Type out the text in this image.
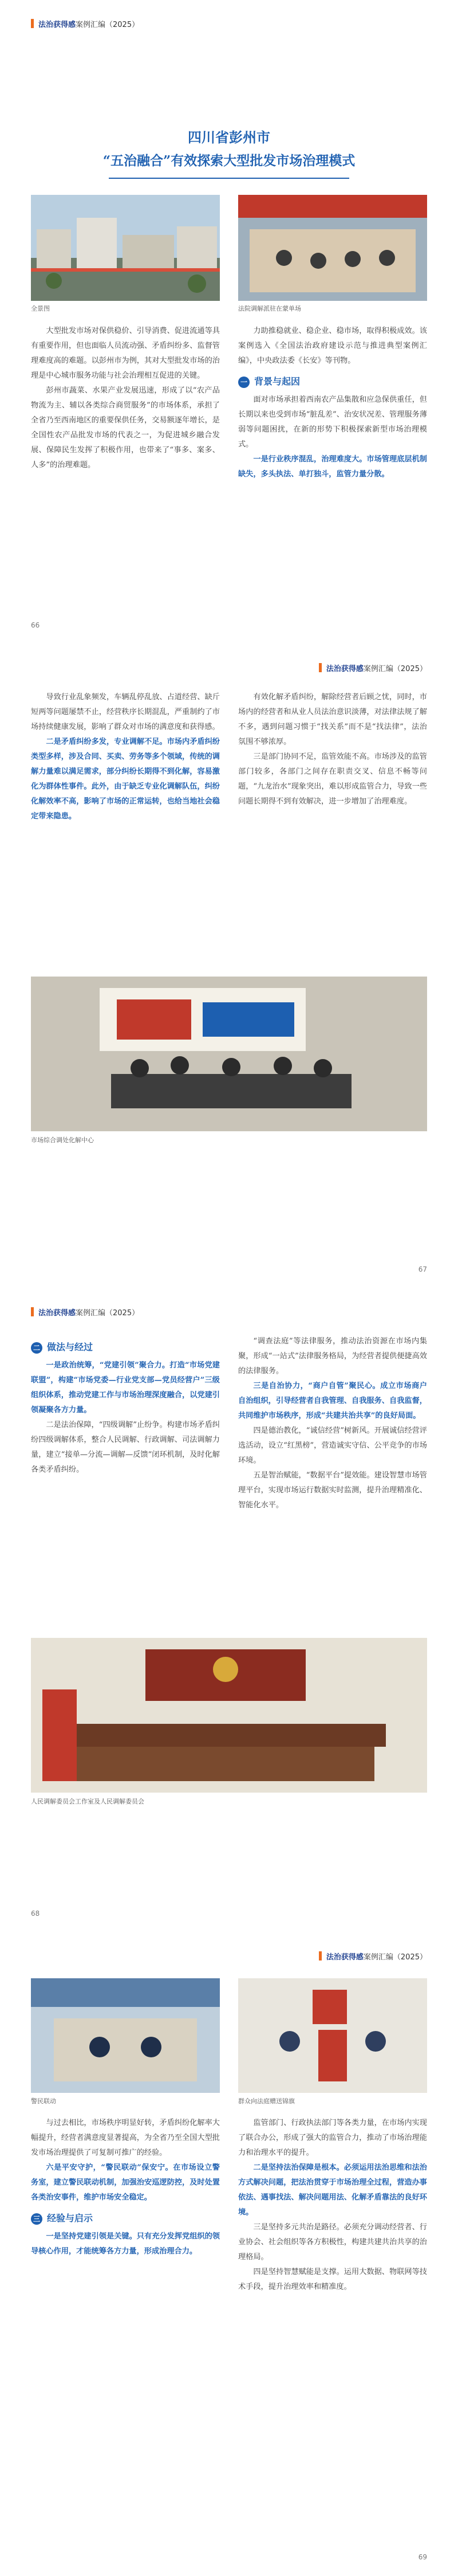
法治获得感 案例汇编（2025）
四川省彭州市
“五治融合”有效探索大型批发市场治理模式
全景图	法院调解派驻在蒙单场

大型批发市场对保供稳价、引导消费、促进流通等具有重要作用，但也面临人员流动强、矛盾纠纷多、监督管理难度高的难题。以彭州市为例，其对大型批发市场的治理是中心城市服务功能与社会治理相互促进的关键。

彭州市蔬菜、水果产业发展迅速，形成了以“农产品物流为主、辅以各类综合商贸服务”的市场体系，承担了全省乃至西南地区的重要保供任务，交易额逐年增长，是全国性农产品批发市场的代表之一，为促进城乡融合发展、保障民生发挥了积极作用，也带来了“事多、案多、人多”的治理难题。

力助推稳就业、稳企业、稳市场，取得积极成效。该案例选入《全国法治政府建设示范与推进典型案例汇编》，中央政法委《长安》等刊物。

一 背景与起因

面对市场承担着西南农产品集散和应急保供重任，但长期以来也受到市场“脏乱差”、治安状况差、管理服务薄弱等问题困扰，在新的形势下积极探索新型市场治理模式。

一是行业秩序混乱，治理难度大。市场管理底层机制缺失，多头执法、单打独斗，监管力量分散。

66
法治获得感 案例汇编（2025）

导致行业乱象频发，车辆乱停乱放、占道经营、缺斤短两等问题屡禁不止，经营秩序长期混乱，严重制约了市场持续健康发展，影响了群众对市场的满意度和获得感。

二是矛盾纠纷多发，专业调解不足。市场内矛盾纠纷类型多样，涉及合同、买卖、劳务等多个领域，传统的调解力量难以满足需求，部分纠纷长期得不到化解，容易激化为群体性事件。此外，由于缺乏专业化调解队伍，纠纷化解效率不高，影响了市场的正常运转，也给当地社会稳定带来隐患。

有效化解矛盾纠纷，解除经营者后顾之忧，同时，市场内的经营者和从业人员法治意识淡薄，对法律法规了解不多，遇到问题习惯于“找关系”而不是“找法律”，法治氛围不够浓厚。

三是部门协同不足，监管效能不高。市场涉及的监管部门较多，各部门之间存在职责交叉、信息不畅等问题，“九龙治水”现象突出，难以形成监管合力，导致一些问题长期得不到有效解决，进一步增加了治理难度。

市场综合调处化解中心
67
法治获得感 案例汇编（2025）
二 做法与经过

一是政治统筹，“党建引领”聚合力。打造“市场党建联盟”，构建“市场党委—行业党支部—党员经营户”三级组织体系，推动党建工作与市场治理深度融合，以党建引领凝聚各方力量。

二是法治保障，“四级调解”止纷争。构建市场矛盾纠纷四级调解体系，整合人民调解、行政调解、司法调解力量，建立“接单—分流—调解—反馈”闭环机制，及时化解各类矛盾纠纷。

“调查法庭”等法律服务，推动法治资源在市场内集聚，形成“一站式”法律服务格局，为经营者提供便捷高效的法律服务。

三是自治协力，“商户自管”聚民心。成立市场商户自治组织，引导经营者自我管理、自我服务、自我监督，共同维护市场秩序，形成“共建共治共享”的良好局面。

四是德治教化，“诚信经营”树新风。开展诚信经营评选活动，设立“红黑榜”，营造诚实守信、公平竞争的市场环境。

五是智治赋能，“数据平台”提效能。建设智慧市场管理平台，实现市场运行数据实时监测，提升治理精准化、智能化水平。

人民调解委员会工作室及人民调解委员会
68
法治获得感 案例汇编（2025）
警民联动	群众向法庭赠送锦旗

与过去相比，市场秩序明显好转，矛盾纠纷化解率大幅提升，经营者满意度显著提高，为全省乃至全国大型批发市场治理提供了可复制可推广的经验。

六是平安守护，“警民联动”保安宁。在市场设立警务室，建立警民联动机制，加强治安巡逻防控，及时处置各类治安事件，维护市场安全稳定。

三 经验与启示

一是坚持党建引领是关键。只有充分发挥党组织的领导核心作用，才能统筹各方力量，形成治理合力。

监管部门、行政执法部门等各类力量，在市场内实现了联合办公，形成了强大的监管合力，推动了市场治理能力和治理水平的提升。

二是坚持法治保障是根本。必须运用法治思维和法治方式解决问题，把法治贯穿于市场治理全过程，营造办事依法、遇事找法、解决问题用法、化解矛盾靠法的良好环境。

三是坚持多元共治是路径。必须充分调动经营者、行业协会、社会组织等各方积极性，构建共建共治共享的治理格局。

四是坚持智慧赋能是支撑。运用大数据、物联网等技术手段，提升治理效率和精准度。

69
